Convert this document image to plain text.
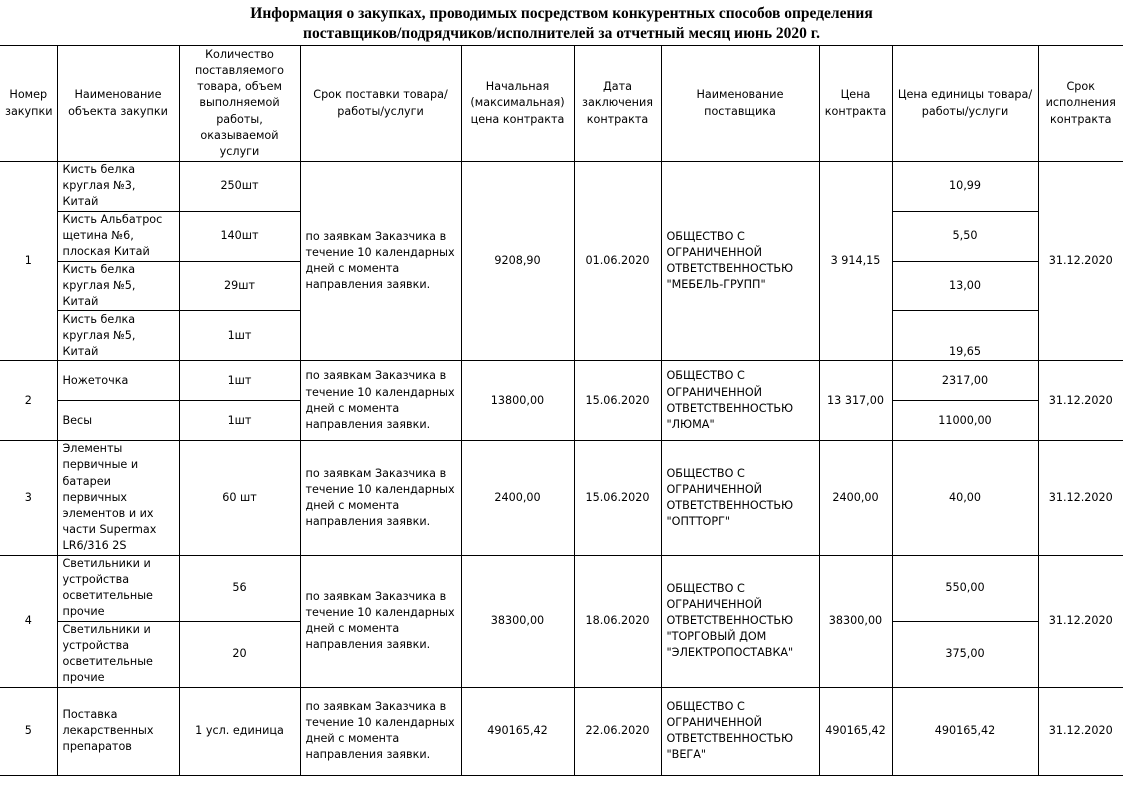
Информация о закупках, проводимых посредством конкурентных способов определения
поставщиков/подрядчиков/исполнителей за отчетный месяц июнь 2020 г.
Номер закупки	Наименование объекта закупки	Количество поставляемого товара, объем выполняемой работы, оказываемой услуги	Срок поставки товара/работы/услуги	Начальная (максимальная) цена контракта	Дата заключения контракта	Наименование поставщика	Цена контракта	Цена единицы товара/работы/услуги	Срок исполнения контракта
1	Кисть белка круглая №3, Китай	250шт	по заявкам Заказчика в течение 10 календарных дней с момента направления заявки.	9208,90	01.06.2020	ОБЩЕСТВО С ОГРАНИЧЕННОЙ ОТВЕТСТВЕННОСТЬЮ "МЕБЕЛЬ-ГРУПП"	3 914,15	10,99	31.12.2020
	Кисть Альбатрос щетина №6, плоская Китай	140шт						5,50	
	Кисть белка круглая №5, Китай	29шт						13,00	
	Кисть белка круглая №5, Китай	1шт						19,65	
2	Ножеточка	1шт	по заявкам Заказчика в течение 10 календарных дней с момента направления заявки.	13800,00	15.06.2020	ОБЩЕСТВО С ОГРАНИЧЕННОЙ ОТВЕТСТВЕННОСТЬЮ "ЛЮМА"	13 317,00	2317,00	31.12.2020
	Весы	1шт						11000,00	
3	Элементы первичные и батареи первичных элементов и их части Supermax LR6/316 2S	60 шт	по заявкам Заказчика в течение 10 календарных дней с момента направления заявки.	2400,00	15.06.2020	ОБЩЕСТВО С ОГРАНИЧЕННОЙ ОТВЕТСТВЕННОСТЬЮ "ОПТТОРГ"	2400,00	40,00	31.12.2020
4	Светильники и устройства осветительные прочие	56	по заявкам Заказчика в течение 10 календарных дней с момента направления заявки.	38300,00	18.06.2020	ОБЩЕСТВО С ОГРАНИЧЕННОЙ ОТВЕТСТВЕННОСТЬЮ "ТОРГОВЫЙ ДОМ "ЭЛЕКТРОПОСТАВКА"	38300,00	550,00	31.12.2020
	Светильники и устройства осветительные прочие	20						375,00	
5	Поставка лекарственных препаратов	1 усл. единица	по заявкам Заказчика в течение 10 календарных дней с момента направления заявки.	490165,42	22.06.2020	ОБЩЕСТВО С ОГРАНИЧЕННОЙ ОТВЕТСТВЕННОСТЬЮ "ВЕГА"	490165,42	490165,42	31.12.2020
